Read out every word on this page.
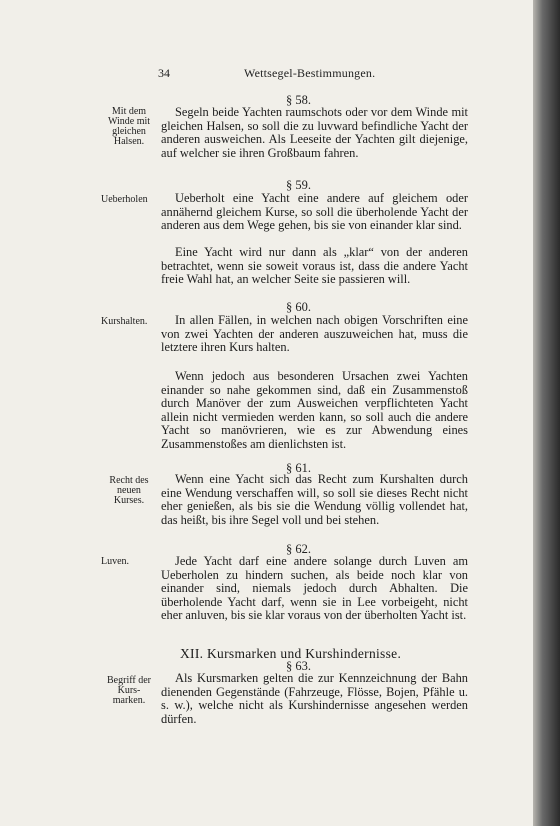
34	Wettsegel-Bestimmungen.
§ 58.
Mit dem
Winde mit
gleichen
Halsen.
Segeln beide Yachten raumschots oder vor dem Winde mit gleichen Halsen, so soll die zu luvward befindliche Yacht der anderen ausweichen. Als Leeseite der Yachten gilt diejenige, auf welcher sie ihren Großbaum fahren.
§ 59.
Ueberholen	Ueberholt eine Yacht eine andere auf gleichem oder annähernd gleichem Kurse, so soll die überholende Yacht der anderen aus dem Wege gehen, bis sie von einander klar sind.
Eine Yacht wird nur dann als „klar“ von der anderen betrachtet, wenn sie soweit voraus ist, dass die andere Yacht freie Wahl hat, an welcher Seite sie passieren will.
§ 60.
Kurshalten.	In allen Fällen, in welchen nach obigen Vorschriften eine von zwei Yachten der anderen auszuweichen hat, muss die letztere ihren Kurs halten.
Wenn jedoch aus besonderen Ursachen zwei Yachten einander so nahe gekommen sind, daß ein Zusammenstoß durch Manöver der zum Ausweichen verpflichteten Yacht allein nicht vermieden werden kann, so soll auch die andere Yacht so manövrieren, wie es zur Abwendung eines Zusammenstoßes am dienlichsten ist.
§ 61.
Recht des
neuen
Kurses.
Wenn eine Yacht sich das Recht zum Kurshalten durch eine Wendung verschaffen will, so soll sie dieses Recht nicht eher genießen, als bis sie die Wendung völlig vollendet hat, das heißt, bis ihre Segel voll und bei stehen.
§ 62.
Luven.	Jede Yacht darf eine andere solange durch Luven am Ueberholen zu hindern suchen, als beide noch klar von einander sind, niemals jedoch durch Abhalten. Die überholende Yacht darf, wenn sie in Lee vorbeigeht, nicht eher anluven, bis sie klar voraus von der überholten Yacht ist.
XII. Kursmarken und Kurshindernisse.
§ 63.
Begriff der
Kurs-
marken.
Als Kursmarken gelten die zur Kennzeichnung der Bahn dienenden Gegenstände (Fahrzeuge, Flösse, Bojen, Pfähle u. s. w.), welche nicht als Kurshindernisse angesehen werden dürfen.
